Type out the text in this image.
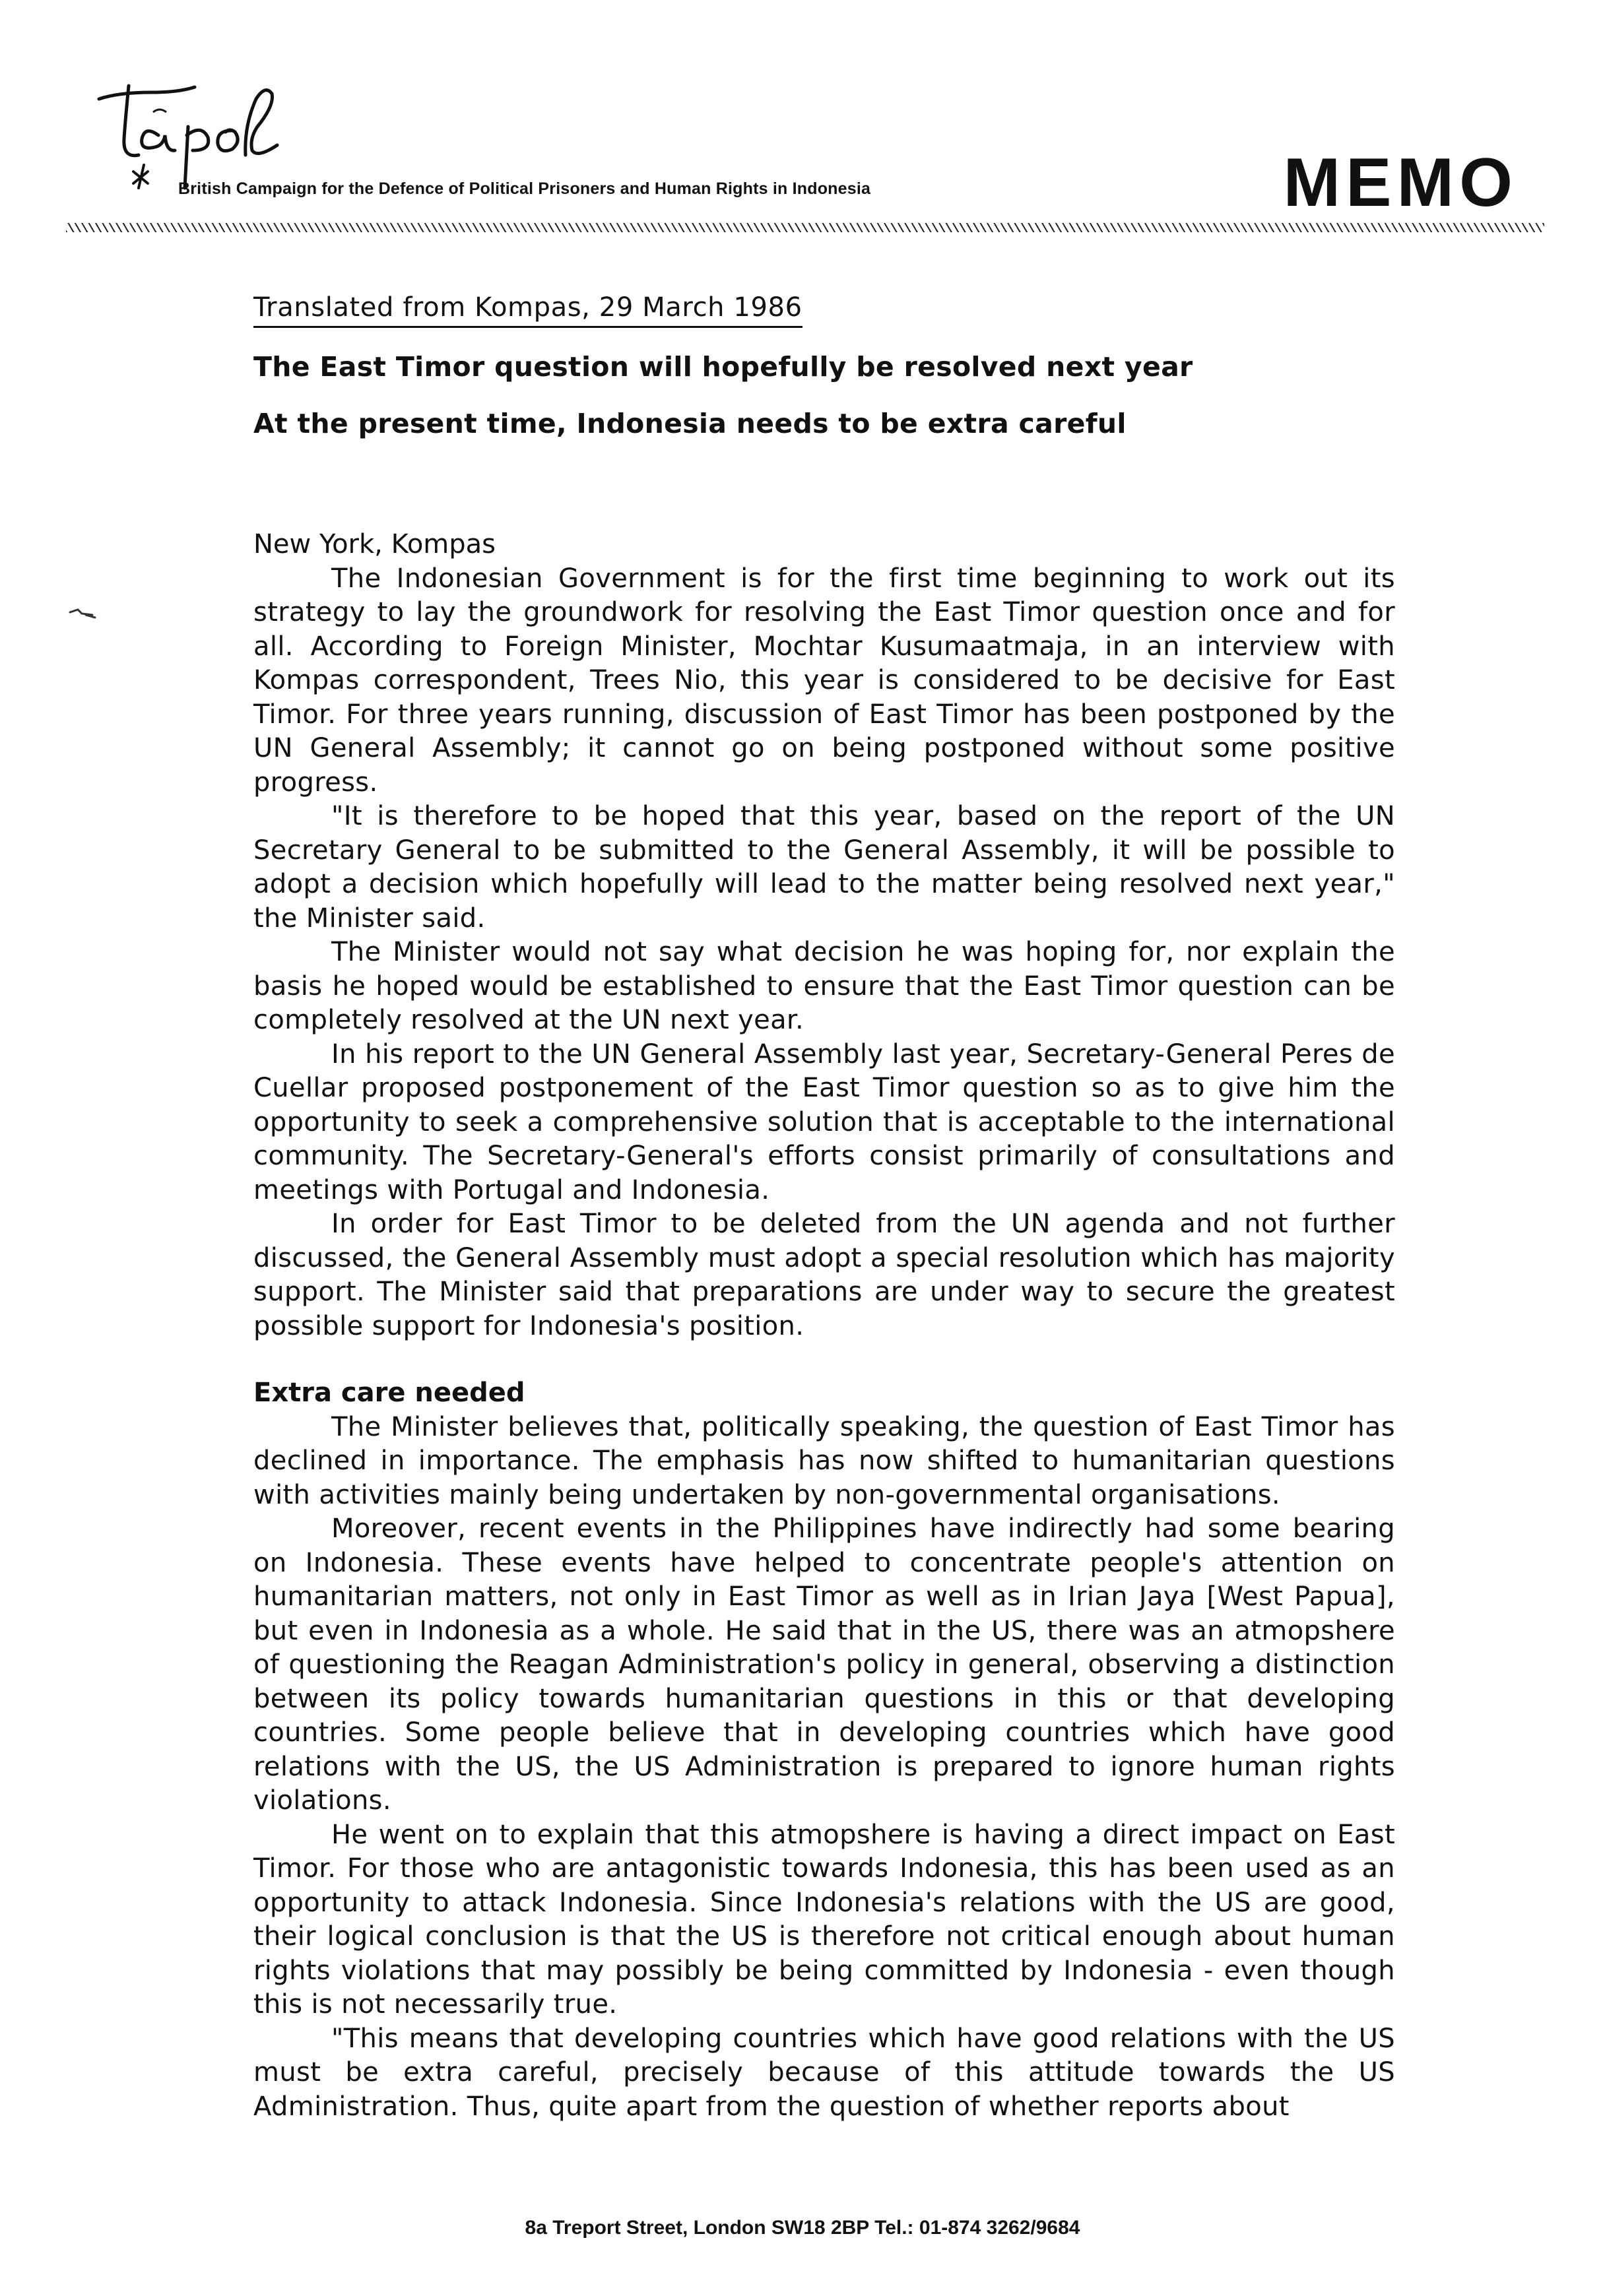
British Campaign for the Defence of Political Prisoners and Human Rights in Indonesia	MEMO
Translated from Kompas, 29 March 1986
The East Timor question will hopefully be resolved next year
At the present time, Indonesia needs to be extra careful
New York, Kompas

The Indonesian Government is for the first time beginning to work out its strategy to lay the groundwork for resolving the East Timor question once and for all. According to Foreign Minister, Mochtar Kusumaatmaja, in an interview with Kompas correspondent, Trees Nio, this year is considered to be decisive for East Timor. For three years running, discussion of East Timor has been postponed by the UN General Assembly; it cannot go on being postponed without some positive progress.

"It is therefore to be hoped that this year, based on the report of the UN Secretary General to be submitted to the General Assembly, it will be possible to adopt a decision which hopefully will lead to the matter being resolved next year," the Minister said.

The Minister would not say what decision he was hoping for, nor explain the basis he hoped would be established to ensure that the East Timor question can be completely resolved at the UN next year.

In his report to the UN General Assembly last year, Secretary-General Peres de Cuellar proposed postponement of the East Timor question so as to give him the opportunity to seek a comprehensive solution that is acceptable to the international community. The Secretary-General's efforts consist primarily of consultations and meetings with Portugal and Indonesia.

In order for East Timor to be deleted from the UN agenda and not further discussed, the General Assembly must adopt a special resolution which has majority support. The Minister said that preparations are under way to secure the greatest possible support for Indonesia's position.

Extra care needed

The Minister believes that, politically speaking, the question of East Timor has declined in importance. The emphasis has now shifted to humanitarian questions with activities mainly being undertaken by non-governmental organisations.

Moreover, recent events in the Philippines have indirectly had some bearing on Indonesia. These events have helped to concentrate people's attention on humanitarian matters, not only in East Timor as well as in Irian Jaya [West Papua], but even in Indonesia as a whole. He said that in the US, there was an atmopshere of questioning the Reagan Administration's policy in general, observing a distinction between its policy towards humanitarian questions in this or that developing countries. Some people believe that in developing countries which have good relations with the US, the US Administration is prepared to ignore human rights violations.

He went on to explain that this atmopshere is having a direct impact on East Timor. For those who are antagonistic towards Indonesia, this has been used as an opportunity to attack Indonesia. Since Indonesia's relations with the US are good, their logical conclusion is that the US is therefore not critical enough about human rights violations that may possibly be being committed by Indonesia - even though this is not necessarily true.

"This means that developing countries which have good relations with the US must be extra careful, precisely because of this attitude towards the US Administration. Thus, quite apart from the question of whether reports about

8a Treport Street, London SW18 2BP Tel.: 01-874 3262/9684
